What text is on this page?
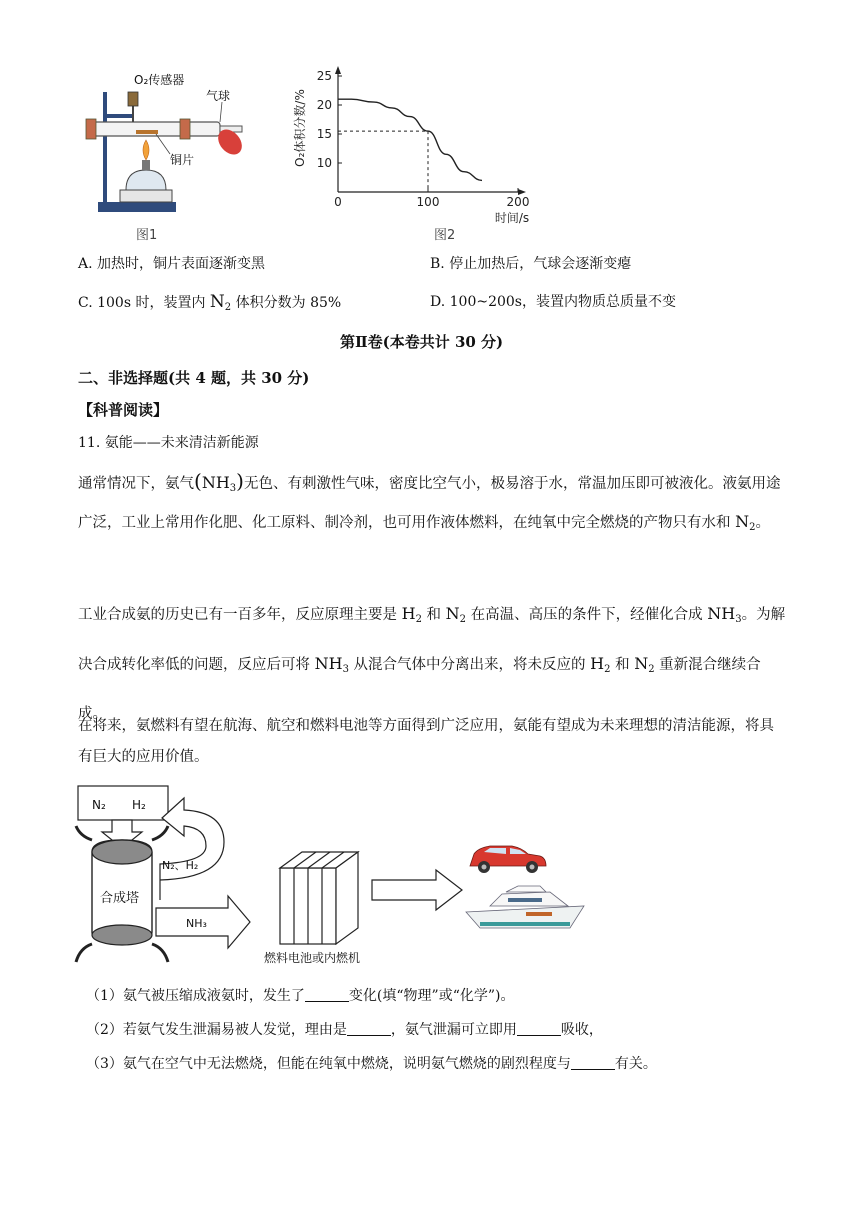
O₂传感器
气球
铜片
图1
0	100	200
10
15
20
25
时间/s
O₂体积分数/%
图2
A. 加热时，铜片表面逐渐变黑	B. 停止加热后，气球会逐渐变瘪
C. 100s 时，装置内 $N_2$ 体积分数为 85%	D. 100~200s，装置内物质总质量不变
第Ⅱ卷(本卷共计 30 分)
二、非选择题(共 4 题，共 30 分)
【科普阅读】
11. 氨能——未来清洁新能源
通常情况下，氨气$(NH_3)$无色、有刺激性气味，密度比空气小，极易溶于水，常温加压即可被液化。液氨用途广泛，工业上常用作化肥、化工原料、制冷剂，也可用作液体燃料，在纯氧中完全燃烧的产物只有水和 $N_2$。
工业合成氨的历史已有一百多年，反应原理主要是 $H_2$ 和 $N_2$ 在高温、高压的条件下，经催化合成 $NH_3$。为解决合成转化率低的问题，反应后可将 $NH_3$ 从混合气体中分离出来，将未反应的 $H_2$ 和 $N_2$ 重新混合继续合成。
在将来，氨燃料有望在航海、航空和燃料电池等方面得到广泛应用，氨能有望成为未来理想的清洁能源，将具有巨大的应用价值。
N₂ H₂
合成塔
N₂、H₂
NH₃
燃料电池或内燃机
（1）氨气被压缩成液氨时，发生了	变化(填“物理”或“化学”)。
（2）若氨气发生泄漏易被人发觉，理由是	，氨气泄漏可立即用	吸收，
（3）氨气在空气中无法燃烧，但能在纯氧中燃烧，说明氨气燃烧的剧烈程度与	有关。
